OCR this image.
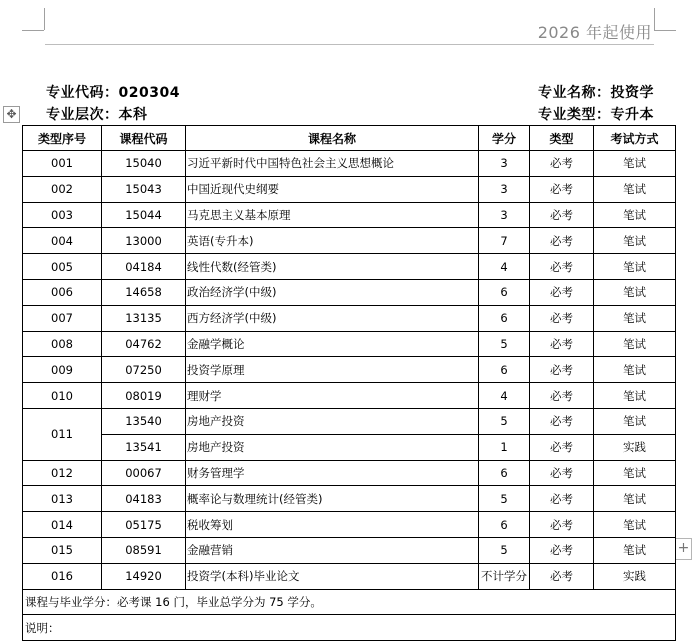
2026 年起使用
专业代码：020304
专业层次：本科
专业名称：投资学
专业类型：专升本
✥
+
类型序号	课程代码	课程名称	学分	类型	考试方式
001	15040	习近平新时代中国特色社会主义思想概论	3	必考	笔试
002	15043	中国近现代史纲要	3	必考	笔试
003	15044	马克思主义基本原理	3	必考	笔试
004	13000	英语(专升本)	7	必考	笔试
005	04184	线性代数(经管类)	4	必考	笔试
006	14658	政治经济学(中级)	6	必考	笔试
007	13135	西方经济学(中级)	6	必考	笔试
008	04762	金融学概论	5	必考	笔试
009	07250	投资学原理	6	必考	笔试
010	08019	理财学	4	必考	笔试
011	13540	房地产投资	5	必考	笔试
	13541	房地产投资	1	必考	实践
012	00067	财务管理学	6	必考	笔试
013	04183	概率论与数理统计(经管类)	5	必考	笔试
014	05175	税收筹划	6	必考	笔试
015	08591	金融营销	5	必考	笔试
016	14920	投资学(本科)毕业论文	不计学分	必考	实践
课程与毕业学分：必考课 16 门，毕业总学分为 75 学分。					
说明：					
